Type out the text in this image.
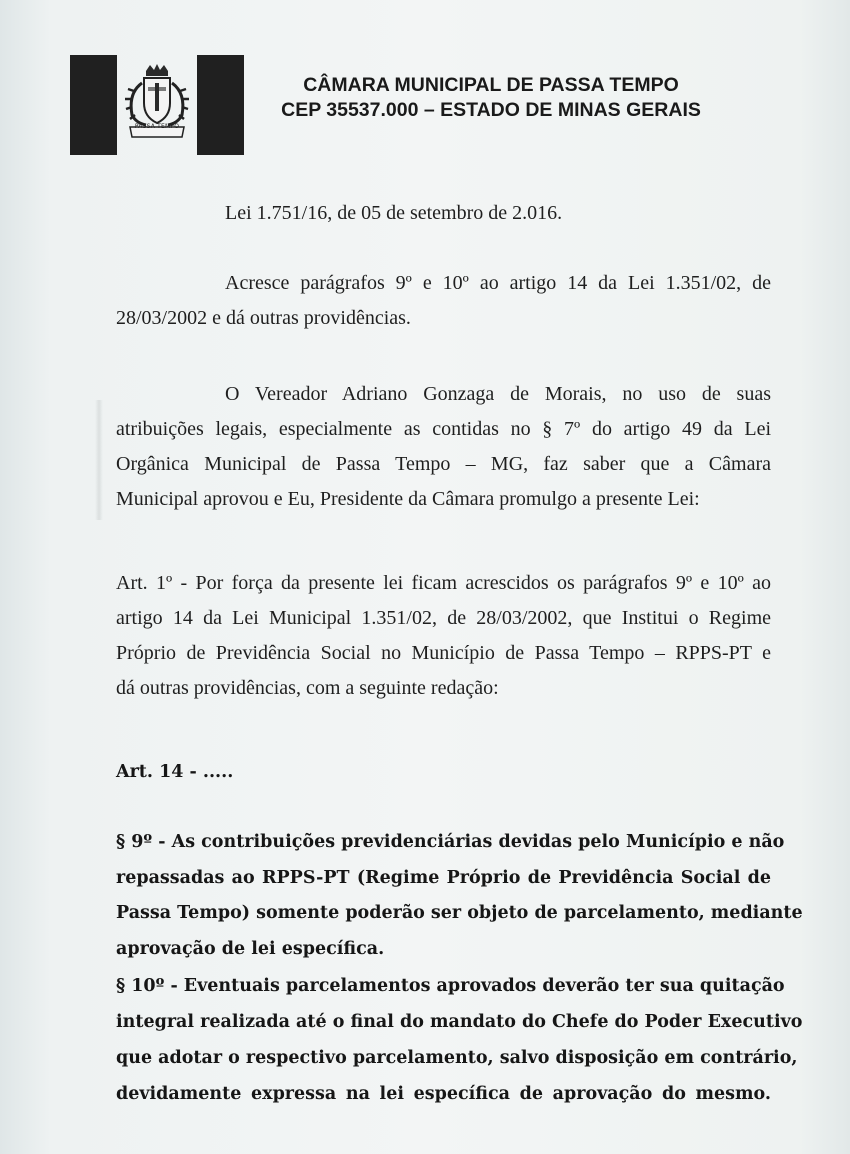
PASSA TEMPO
CÂMARA MUNICIPAL DE PASSA TEMPO
CEP 35537.000 – ESTADO DE MINAS GERAIS
Lei 1.751/16, de 05 de setembro de 2.016.
Acresce parágrafos 9º e 10º ao artigo 14 da Lei 1.351/02, de
28/03/2002 e dá outras providências.
O Vereador Adriano Gonzaga de Morais, no uso de suas
atribuições legais, especialmente as contidas no § 7º do artigo 49 da Lei
Orgânica Municipal de Passa Tempo – MG, faz saber que a Câmara
Municipal aprovou e Eu, Presidente da Câmara promulgo a presente Lei:
Art. 1º - Por força da presente lei ficam acrescidos os parágrafos 9º e 10º ao
artigo 14 da Lei Municipal 1.351/02, de 28/03/2002, que Institui o Regime
Próprio de Previdência Social no Município de Passa Tempo – RPPS-PT e
dá outras providências, com a seguinte redação:
Art. 14 - .....
§ 9º - As contribuições previdenciárias devidas pelo Município e não
repassadas ao RPPS-PT (Regime Próprio de Previdência Social de
Passa Tempo) somente poderão ser objeto de parcelamento, mediante
aprovação de lei específica.
§ 10º - Eventuais parcelamentos aprovados deverão ter sua quitação
integral realizada até o final do mandato do Chefe do Poder Executivo
que adotar o respectivo parcelamento, salvo disposição em contrário,
devidamente expressa na lei específica de aprovação do mesmo.
